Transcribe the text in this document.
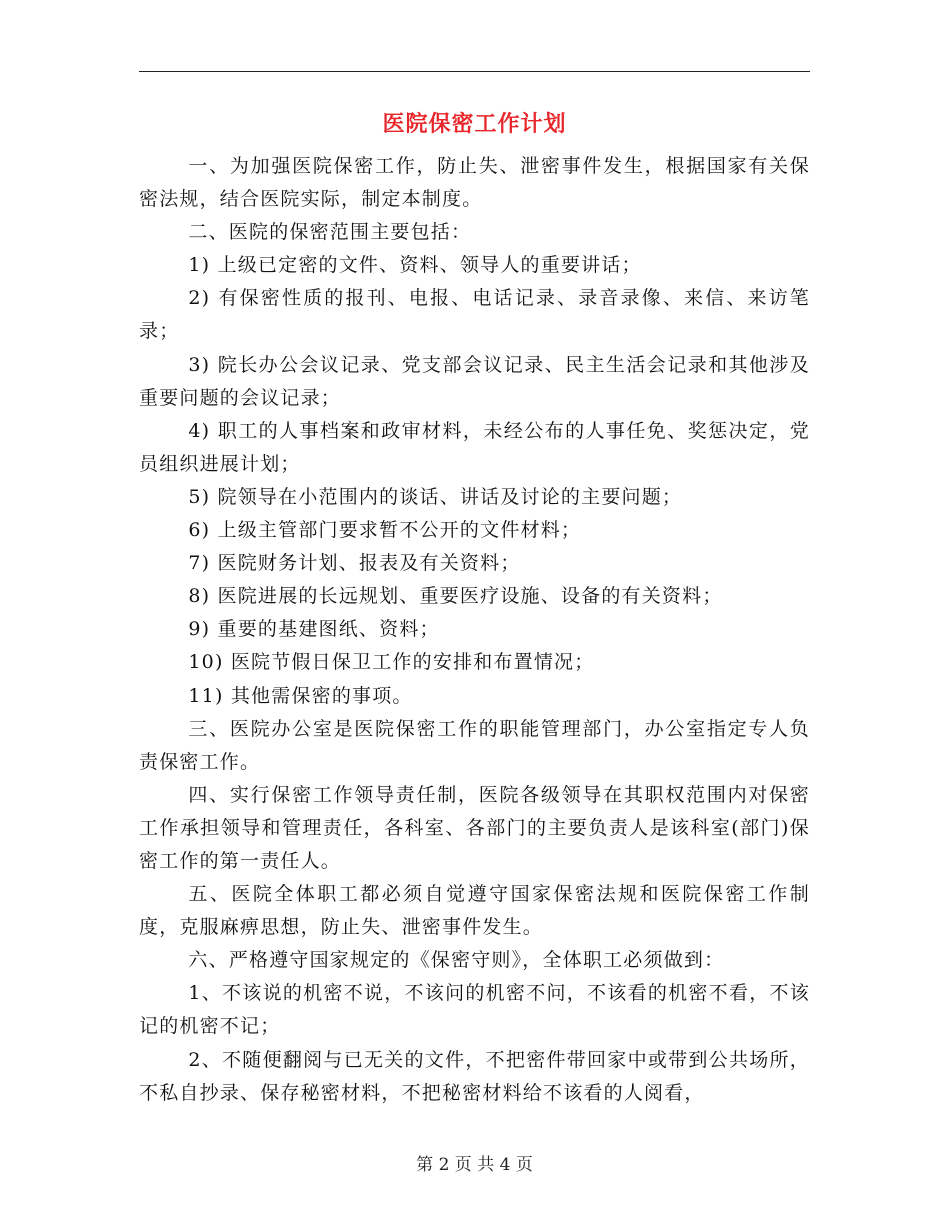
医院保密工作计划

一、为加强医院保密工作，防止失、泄密事件发生，根据国家有关保密法规，结合医院实际，制定本制度。

二、医院的保密范围主要包括：

1) 上级已定密的文件、资料、领导人的重要讲话；

2) 有保密性质的报刊、电报、电话记录、录音录像、来信、来访笔录；

3) 院长办公会议记录、党支部会议记录、民主生活会记录和其他涉及重要问题的会议记录；

4) 职工的人事档案和政审材料，未经公布的人事任免、奖惩决定，党员组织进展计划；

5) 院领导在小范围内的谈话、讲话及讨论的主要问题；

6) 上级主管部门要求暂不公开的文件材料；

7) 医院财务计划、报表及有关资料；

8) 医院进展的长远规划、重要医疗设施、设备的有关资料；

9) 重要的基建图纸、资料；

10) 医院节假日保卫工作的安排和布置情况；

11) 其他需保密的事项。

三、医院办公室是医院保密工作的职能管理部门，办公室指定专人负责保密工作。

四、实行保密工作领导责任制，医院各级领导在其职权范围内对保密工作承担领导和管理责任，各科室、各部门的主要负责人是该科室(部门)保密工作的第一责任人。

五、医院全体职工都必须自觉遵守国家保密法规和医院保密工作制度，克服麻痹思想，防止失、泄密事件发生。

六、严格遵守国家规定的《保密守则》，全体职工必须做到：

1、不该说的机密不说，不该问的机密不问，不该看的机密不看，不该记的机密不记；

2、不随便翻阅与已无关的文件，不把密件带回家中或带到公共场所，不私自抄录、保存秘密材料，不把秘密材料给不该看的人阅看，

第 2 页 共 4 页
